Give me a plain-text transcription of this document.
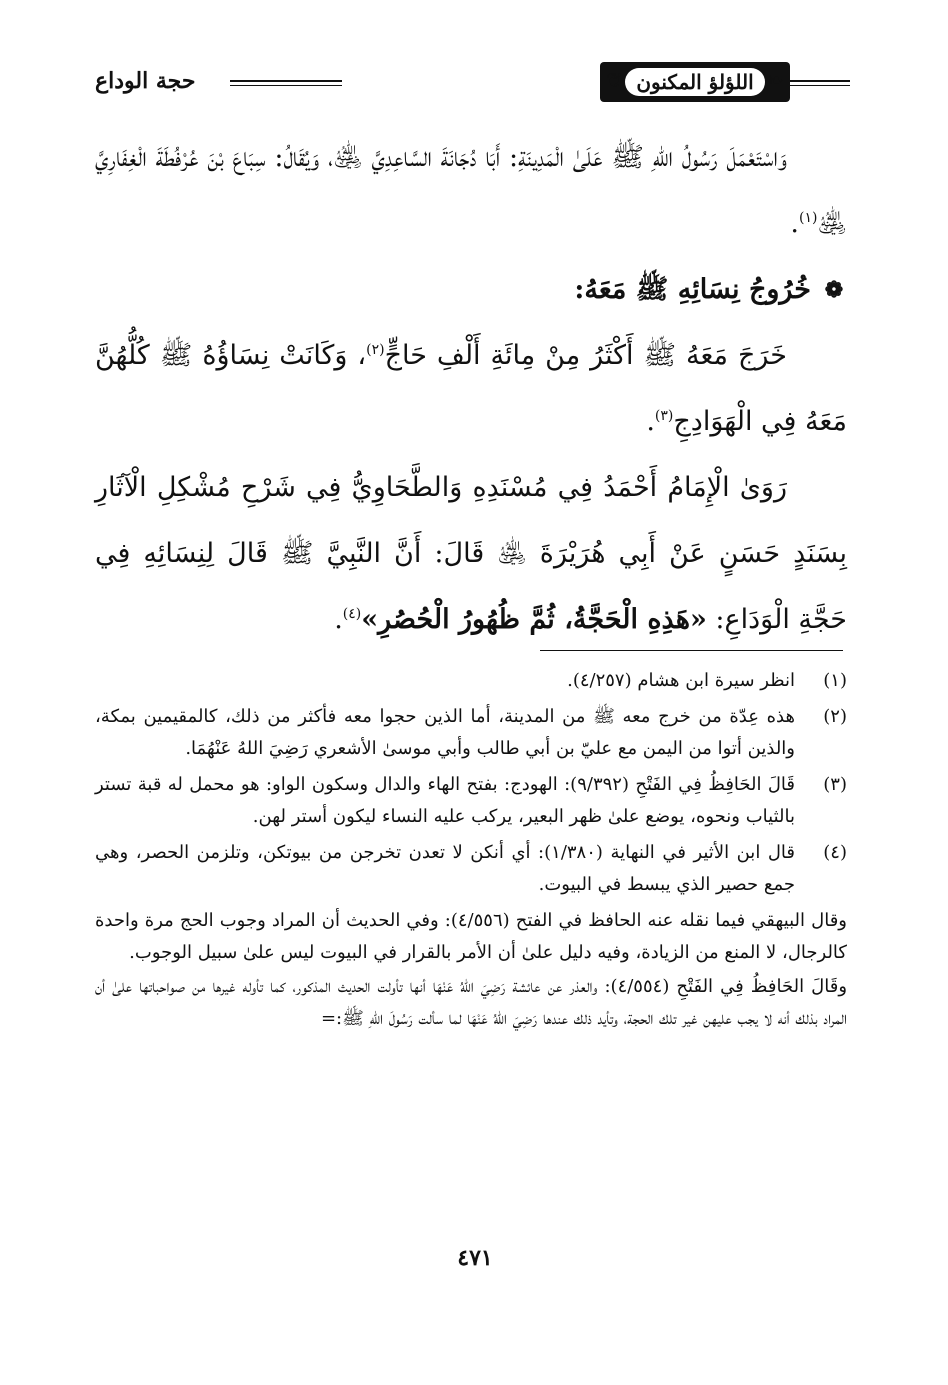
حجة الوداع	❦ اللؤلؤ المكنون ❧

وَاسْتَعْمَلَ رَسُولُ اللهِ ﷺ عَلَىٰ الْمَدِينَةِ: أَبَا دُجَانَةَ السَّاعِدِيَّ ﵁، وَيُقَالُ: سِبَاعَ بْنَ عُرْفُطَةَ الْغِفَارِيَّ ﵁$^{(١)}$.

❁
خُرُوجُ نِسَائِهِ ﷺ مَعَهُ:

خَرَجَ مَعَهُ ﷺ أَكْثَرُ مِنْ مِائَةِ أَلْفِ حَاجٍّ$^{(٢)}$، وَكَانَتْ نِسَاؤُهُ ﷺ كُلُّهُنَّ مَعَهُ فِي الْهَوَادِجِ$^{(٣)}$.

رَوَىٰ الْإِمَامُ أَحْمَدُ فِي مُسْنَدِهِ وَالطَّحَاوِيُّ فِي شَرْحِ مُشْكِلِ الْآثَارِ بِسَنَدٍ حَسَنٍ عَنْ أَبِي هُرَيْرَةَ ﵁ قَالَ: أَنَّ النَّبِيَّ ﷺ قَالَ لِنِسَائِهِ فِي حَجَّةِ الْوَدَاعِ: «هَذِهِ الْحَجَّةُ، ثُمَّ ظُهُورُ الْحُصُرِ»$^{(٤)}$.

(١)
انظر سيرة ابن هشام (٤/٢٥٧).

(٢)
هذه عِدّة من خرج معه ﷺ من المدينة، أما الذين حجوا معه فأكثر من ذلك، كالمقيمين بمكة، والذين أتوا من اليمن مع عليّ بن أبي طالب وأبي موسىٰ الأشعري رَضِيَ اللهُ عَنْهُمَا.

(٣)
قَالَ الحَافِظُ فِي الفَتْحِ (٩/٣٩٢): الهودج: بفتح الهاء والدال وسكون الواو: هو محمل له قبة تستر بالثياب ونحوه، يوضع علىٰ ظهر البعير، يركب عليه النساء ليكون أستر لهن.

(٤)
قال ابن الأثير في النهاية (١/٣٨٠): أي أنكن لا تعدن تخرجن من بيوتكن، وتلزمن الحصر، وهي جمع حصير الذي يبسط في البيوت.

وقال البيهقي فيما نقله عنه الحافظ في الفتح (٤/٥٥٦): وفي الحديث أن المراد وجوب الحج مرة واحدة كالرجال، لا المنع من الزيادة، وفيه دليل علىٰ أن الأمر بالقرار في البيوت ليس علىٰ سبيل الوجوب.

وقَالَ الحَافِظُ فِي الفَتْحِ (٤/٥٥٤): والعذر عن عائشة رَضِيَ اللهُ عَنْهَا أنها تأولت الحديث المذكور، كما تأوله غيرها من صواحباتها علىٰ أن المراد بذلك أنه لا يجب عليهن غير تلك الحجة، وتأيد ذلك عندها رَضِيَ اللهُ عَنْهَا لما سألت رَسُولَ اللهِ ﷺ:=

٤٧١
